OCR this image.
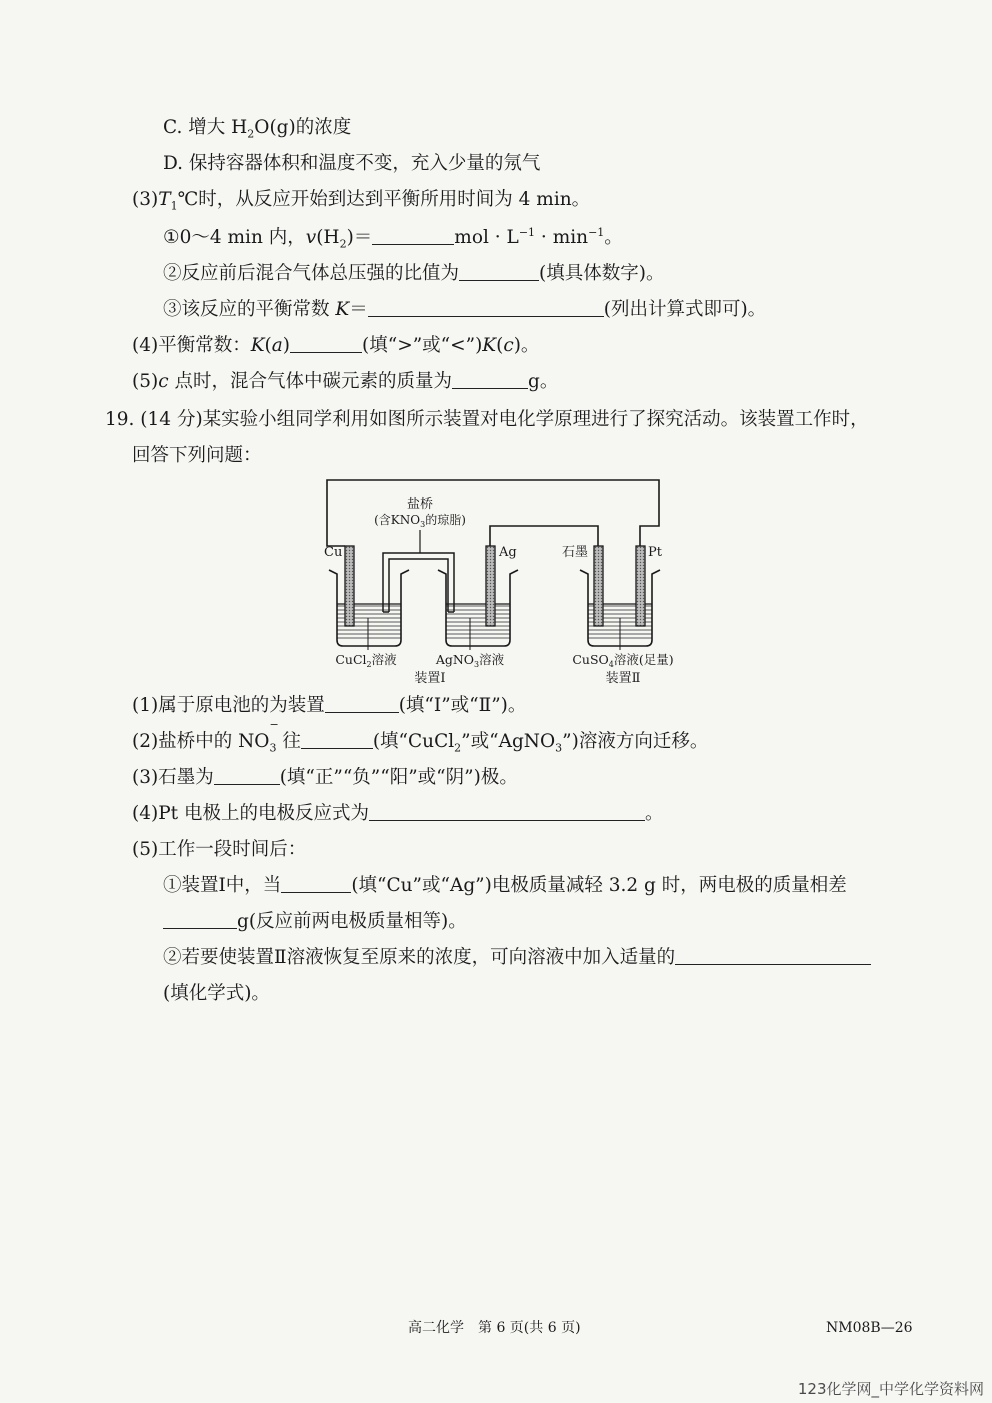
C. 增大 $H_2O(g)$的浓度
D. 保持容器体积和温度不变，充入少量的氖气
$(3)T_1℃$时，从反应开始到达到平衡所用时间为 4 min。
①0～4 min 内，$v(H_2)=$	mol · $L^{-1} \cdot \min^{-1}$。
②反应前后混合气体总压强的比值为	(填具体数字)。
③该反应的平衡常数 K＝	(列出计算式即可)。
(4)平衡常数：K(a)	(填“>”或“<”)K(c)。
(5)c 点时，混合气体中碳元素的质量为	g。
19. (14 分)某实验小组同学利用如图所示装置对电化学原理进行了探究活动。该装置工作时，
回答下列问题：
盐桥
(含$KNO_3$的琼脂)
Cu	Ag	石墨	Pt
CuCl$_2$溶液	AgNO$_3$溶液	CuSO$_4$溶液(足量)
装置Ⅰ	装置Ⅱ
(1)属于原电池的为装置	(填“Ⅰ”或“Ⅱ”)。
(2)盐桥中的 $NO_3$
−
往	(填“CuCl$_2$”或“AgNO$_3$”)溶液方向迁移。
(3)石墨为	(填“正”“负”“阳”或“阴”)极。
(4)Pt 电极上的电极反应式为	。
(5)工作一段时间后：
①装置Ⅰ中，当	(填“Cu”或“Ag”)电极质量减轻 3.2 g 时，两电极的质量相差
g(反应前两电极质量相等)。
②若要使装置Ⅱ溶液恢复至原来的浓度，可向溶液中加入适量的
(填化学式)。
高二化学　第 6 页(共 6 页)	NM08B—26
123化学网_中学化学资料网
